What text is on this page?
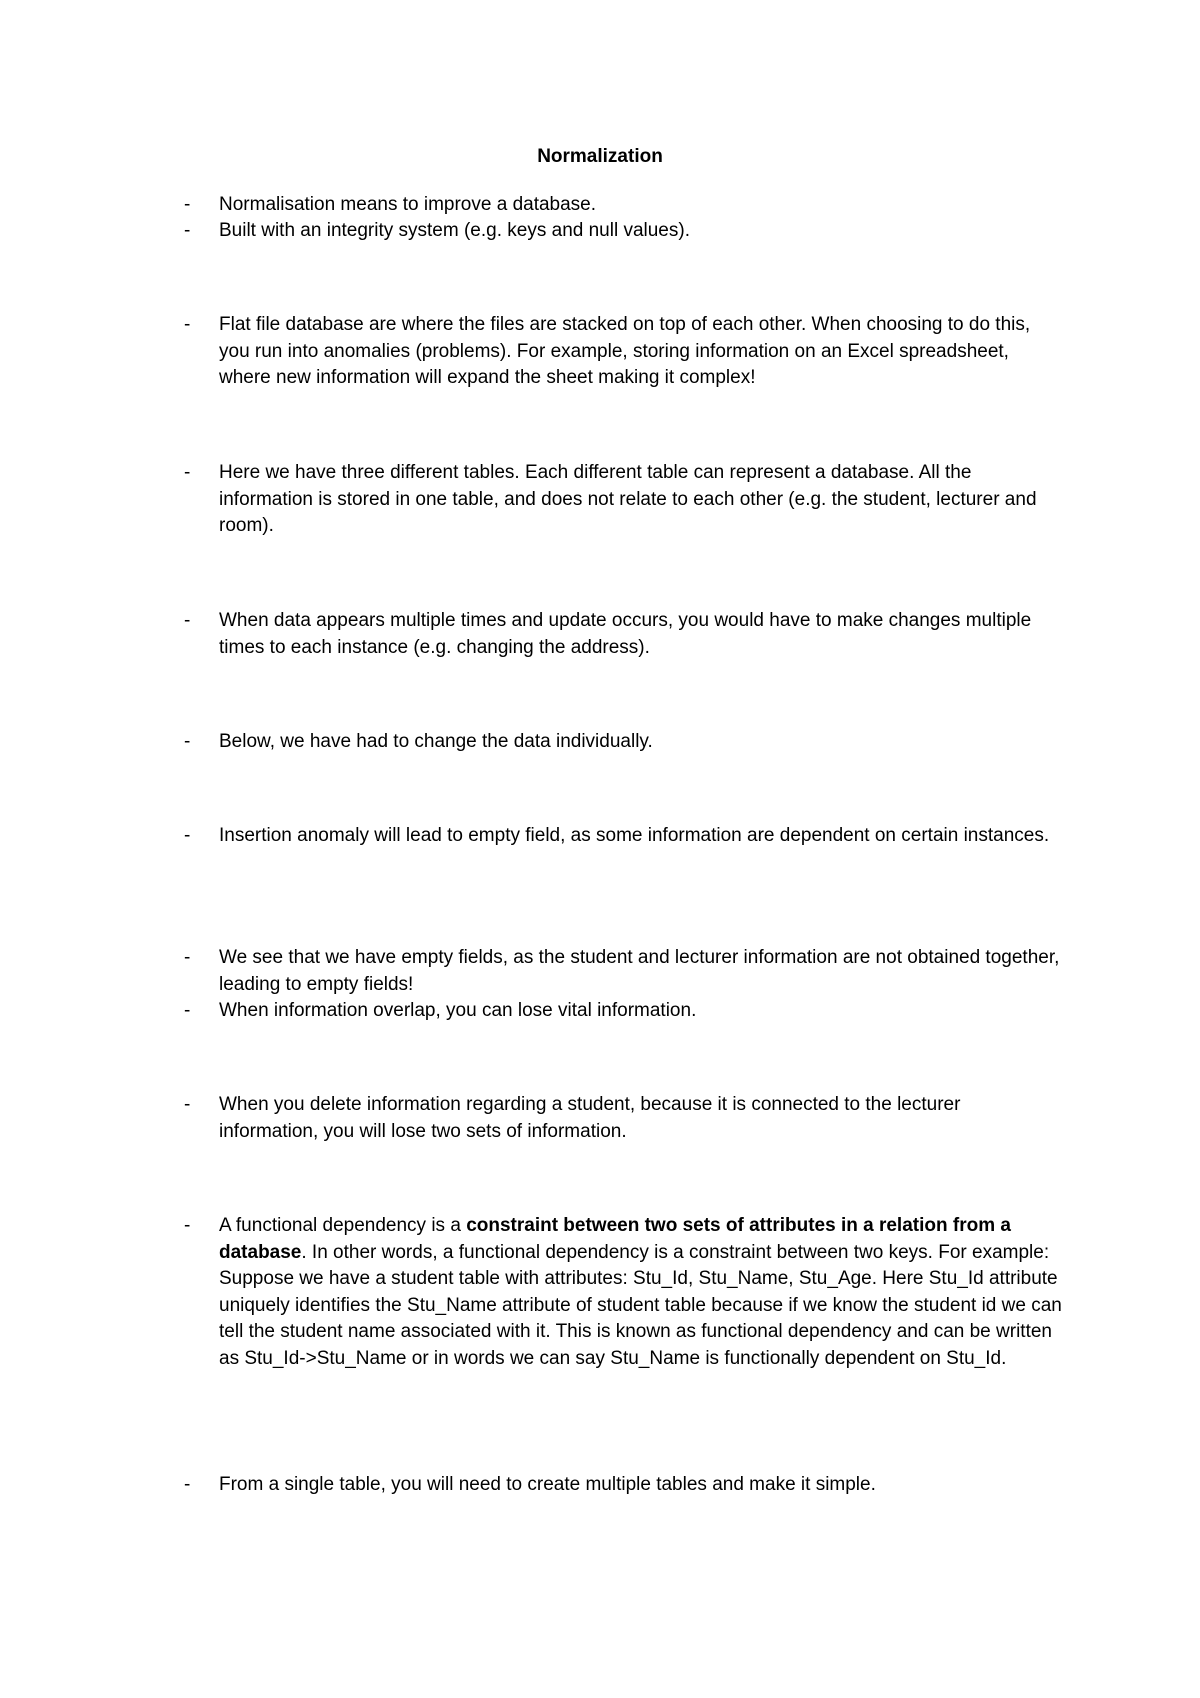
Normalization
-	Normalisation means to improve a database.
-	Built with an integrity system (e.g. keys and null values).
-	Flat file database are where the files are stacked on top of each other. When choosing to do this, you run into anomalies (problems). For example, storing information on an Excel spreadsheet, where new information will expand the sheet making it complex!
-	Here we have three different tables. Each different table can represent a database. All the information is stored in one table, and does not relate to each other (e.g. the student, lecturer and room).
-	When data appears multiple times and update occurs, you would have to make changes multiple times to each instance (e.g. changing the address).
-	Below, we have had to change the data individually.
-	Insertion anomaly will lead to empty field, as some information are dependent on certain instances.
-	We see that we have empty fields, as the student and lecturer information are not obtained together, leading to empty fields!
-	When information overlap, you can lose vital information.
-	When you delete information regarding a student, because it is connected to the lecturer information, you will lose two sets of information.
-	A functional dependency is a constraint between two sets of attributes in a relation from a database. In other words, a functional dependency is a constraint between two keys. For example: Suppose we have a student table with attributes: Stu_Id, Stu_Name, Stu_Age. Here Stu_Id attribute uniquely identifies the Stu_Name attribute of student table because if we know the student id we can tell the student name associated with it. This is known as functional dependency and can be written as Stu_Id->Stu_Name or in words we can say Stu_Name is functionally dependent on Stu_Id.
-	From a single table, you will need to create multiple tables and make it simple.
